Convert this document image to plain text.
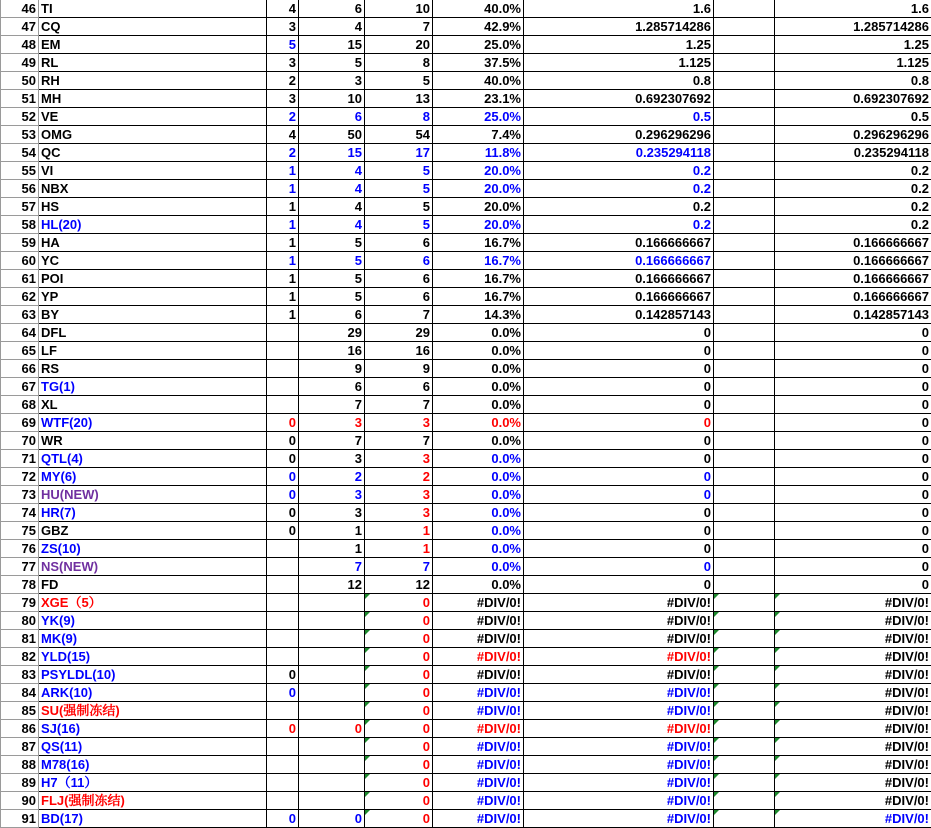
46	TI	4	6	10	40.0%	1.6		1.6
47	CQ	3	4	7	42.9%	1.285714286		1.285714286
48	EM	5	15	20	25.0%	1.25		1.25
49	RL	3	5	8	37.5%	1.125		1.125
50	RH	2	3	5	40.0%	0.8		0.8
51	MH	3	10	13	23.1%	0.692307692		0.692307692
52	VE	2	6	8	25.0%	0.5		0.5
53	OMG	4	50	54	7.4%	0.296296296		0.296296296
54	QC	2	15	17	11.8%	0.235294118		0.235294118
55	VI	1	4	5	20.0%	0.2		0.2
56	NBX	1	4	5	20.0%	0.2		0.2
57	HS	1	4	5	20.0%	0.2		0.2
58	HL(20)	1	4	5	20.0%	0.2		0.2
59	HA	1	5	6	16.7%	0.166666667		0.166666667
60	YC	1	5	6	16.7%	0.166666667		0.166666667
61	POI	1	5	6	16.7%	0.166666667		0.166666667
62	YP	1	5	6	16.7%	0.166666667		0.166666667
63	BY	1	6	7	14.3%	0.142857143		0.142857143
64	DFL		29	29	0.0%	0		0
65	LF		16	16	0.0%	0		0
66	RS		9	9	0.0%	0		0
67	TG(1)		6	6	0.0%	0		0
68	XL		7	7	0.0%	0		0
69	WTF(20)	0	3	3	0.0%	0		0
70	WR	0	7	7	0.0%	0		0
71	QTL(4)	0	3	3	0.0%	0		0
72	MY(6)	0	2	2	0.0%	0		0
73	HU(NEW)	0	3	3	0.0%	0		0
74	HR(7)	0	3	3	0.0%	0		0
75	GBZ	0	1	1	0.0%	0		0
76	ZS(10)		1	1	0.0%	0		0
77	NS(NEW)		7	7	0.0%	0		0
78	FD		12	12	0.0%	0		0
79	XGE（5）			0	#DIV/0!	#DIV/0!		#DIV/0!
80	YK(9)			0	#DIV/0!	#DIV/0!		#DIV/0!
81	MK(9)			0	#DIV/0!	#DIV/0!		#DIV/0!
82	YLD(15)			0	#DIV/0!	#DIV/0!		#DIV/0!
83	PSYLDL(10)	0		0	#DIV/0!	#DIV/0!		#DIV/0!
84	ARK(10)	0		0	#DIV/0!	#DIV/0!		#DIV/0!
85	SU(强制冻结)			0	#DIV/0!	#DIV/0!		#DIV/0!
86	SJ(16)	0	0	0	#DIV/0!	#DIV/0!		#DIV/0!
87	QS(11)			0	#DIV/0!	#DIV/0!		#DIV/0!
88	M78(16)			0	#DIV/0!	#DIV/0!		#DIV/0!
89	H7（11）			0	#DIV/0!	#DIV/0!		#DIV/0!
90	FLJ(强制冻结)			0	#DIV/0!	#DIV/0!		#DIV/0!
91	BD(17)	0	0	0	#DIV/0!	#DIV/0!		#DIV/0!
